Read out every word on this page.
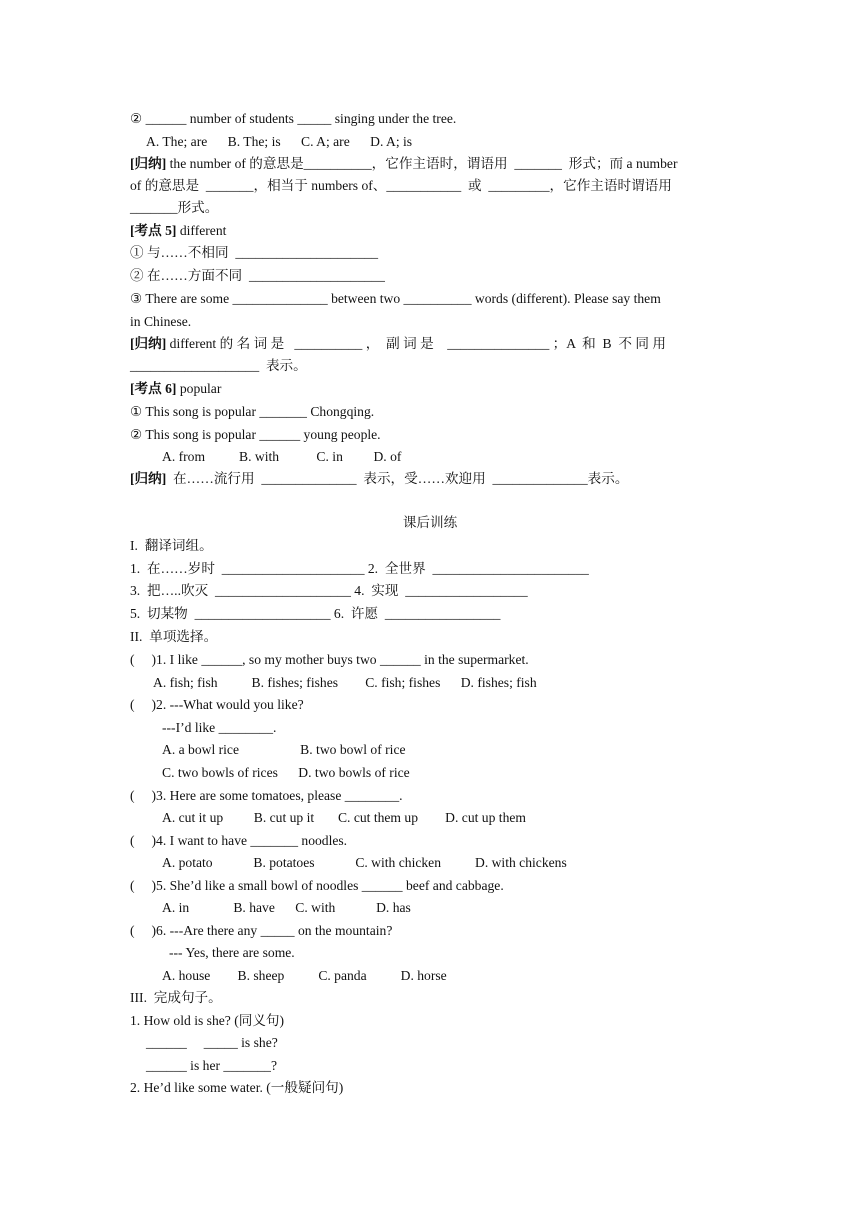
② ______ number of students _____ singing under the tree.
A. The; are      B. The; is      C. A; are      D. A; is
[归纳] the number of 的意思是__________，它作主语时，谓语用  _______  形式；而 a number
of 的意思是  _______，相当于 numbers of、___________  或  _________，它作主语时谓语用
_______形式。
[考点 5] different
① 与……不相同  _____________________
② 在……方面不同  ____________________
③ There are some ______________ between two __________ words (different). Please say them
in Chinese.
[归纳] different 的 名 词 是   __________ ，  副 词 是    _______________ ；A  和  B  不 同 用
___________________  表示。
[考点 6] popular
① This song is popular _______ Chongqing.
② This song is popular ______ young people.
A. from          B. with           C. in         D. of
[归纳]  在……流行用  ______________  表示，受……欢迎用  ______________表示。
课后训练
I.  翻译词组。
1.  在……岁时  _____________________ 2.  全世界  _______________________
3.  把…..吹灭  ____________________ 4.  实现  __________________
5.  切某物  ____________________ 6.  许愿  _________________
II.  单项选择。
(     )1. I like ______, so my mother buys two ______ in the supermarket.
A. fish; fish          B. fishes; fishes        C. fish; fishes      D. fishes; fish
(     )2. ---What would you like?
---I’d like ________.
A. a bowl rice                  B. two bowl of rice
C. two bowls of rices      D. two bowls of rice
(     )3. Here are some tomatoes, please ________.
A. cut it up         B. cut up it       C. cut them up        D. cut up them
(     )4. I want to have _______ noodles.
A. potato            B. potatoes            C. with chicken          D. with chickens
(     )5. She’d like a small bowl of noodles ______ beef and cabbage.
A. in             B. have      C. with            D. has
(     )6. ---Are there any _____ on the mountain?
--- Yes, there are some.
A. house        B. sheep          C. panda          D. horse
III.  完成句子。
1. How old is she? (同义句)
______     _____ is she?
______ is her _______?
2. He’d like some water. (一般疑问句)
